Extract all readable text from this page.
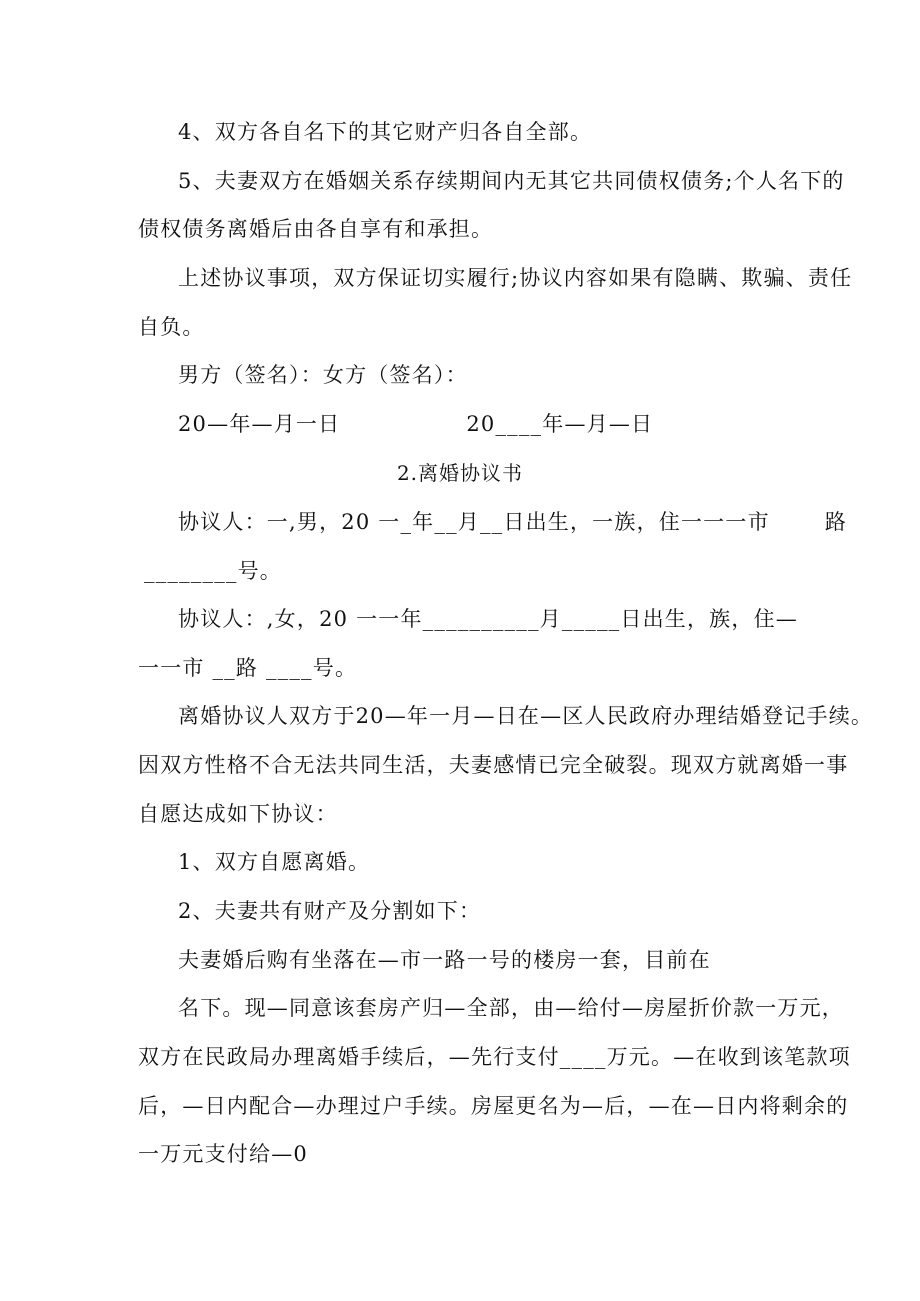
4、双方各自名下的其它财产归各自全部。
5、夫妻双方在婚姻关系存续期间内无其它共同债权债务;个人名下的
债权债务离婚后由各自享有和承担。
上述协议事项，双方保证切实履行;协议内容如果有隐瞒、欺骗、责任
自负。
男方（签名）：女方（签名）：
20—年—月一日                20____年—月—日
2.离婚协议书
协议人：一,男，20 一_年__月__日出生，一族，住一一一市       路
________号。
协议人：,女，20 一一年__________月_____日出生，族，住—
一一市 __路 ____号。
离婚协议人双方于20—年一月—日在—区人民政府办理结婚登记手续。
因双方性格不合无法共同生活，夫妻感情已完全破裂。现双方就离婚一事
自愿达成如下协议：
1、双方自愿离婚。
2、夫妻共有财产及分割如下：
夫妻婚后购有坐落在—市一路一号的楼房一套，目前在
名下。现—同意该套房产归—全部，由—给付—房屋折价款一万元，
双方在民政局办理离婚手续后，—先行支付____万元。—在收到该笔款项
后，—日内配合—办理过户手续。房屋更名为—后，—在—日内将剩余的
一万元支付给—0
